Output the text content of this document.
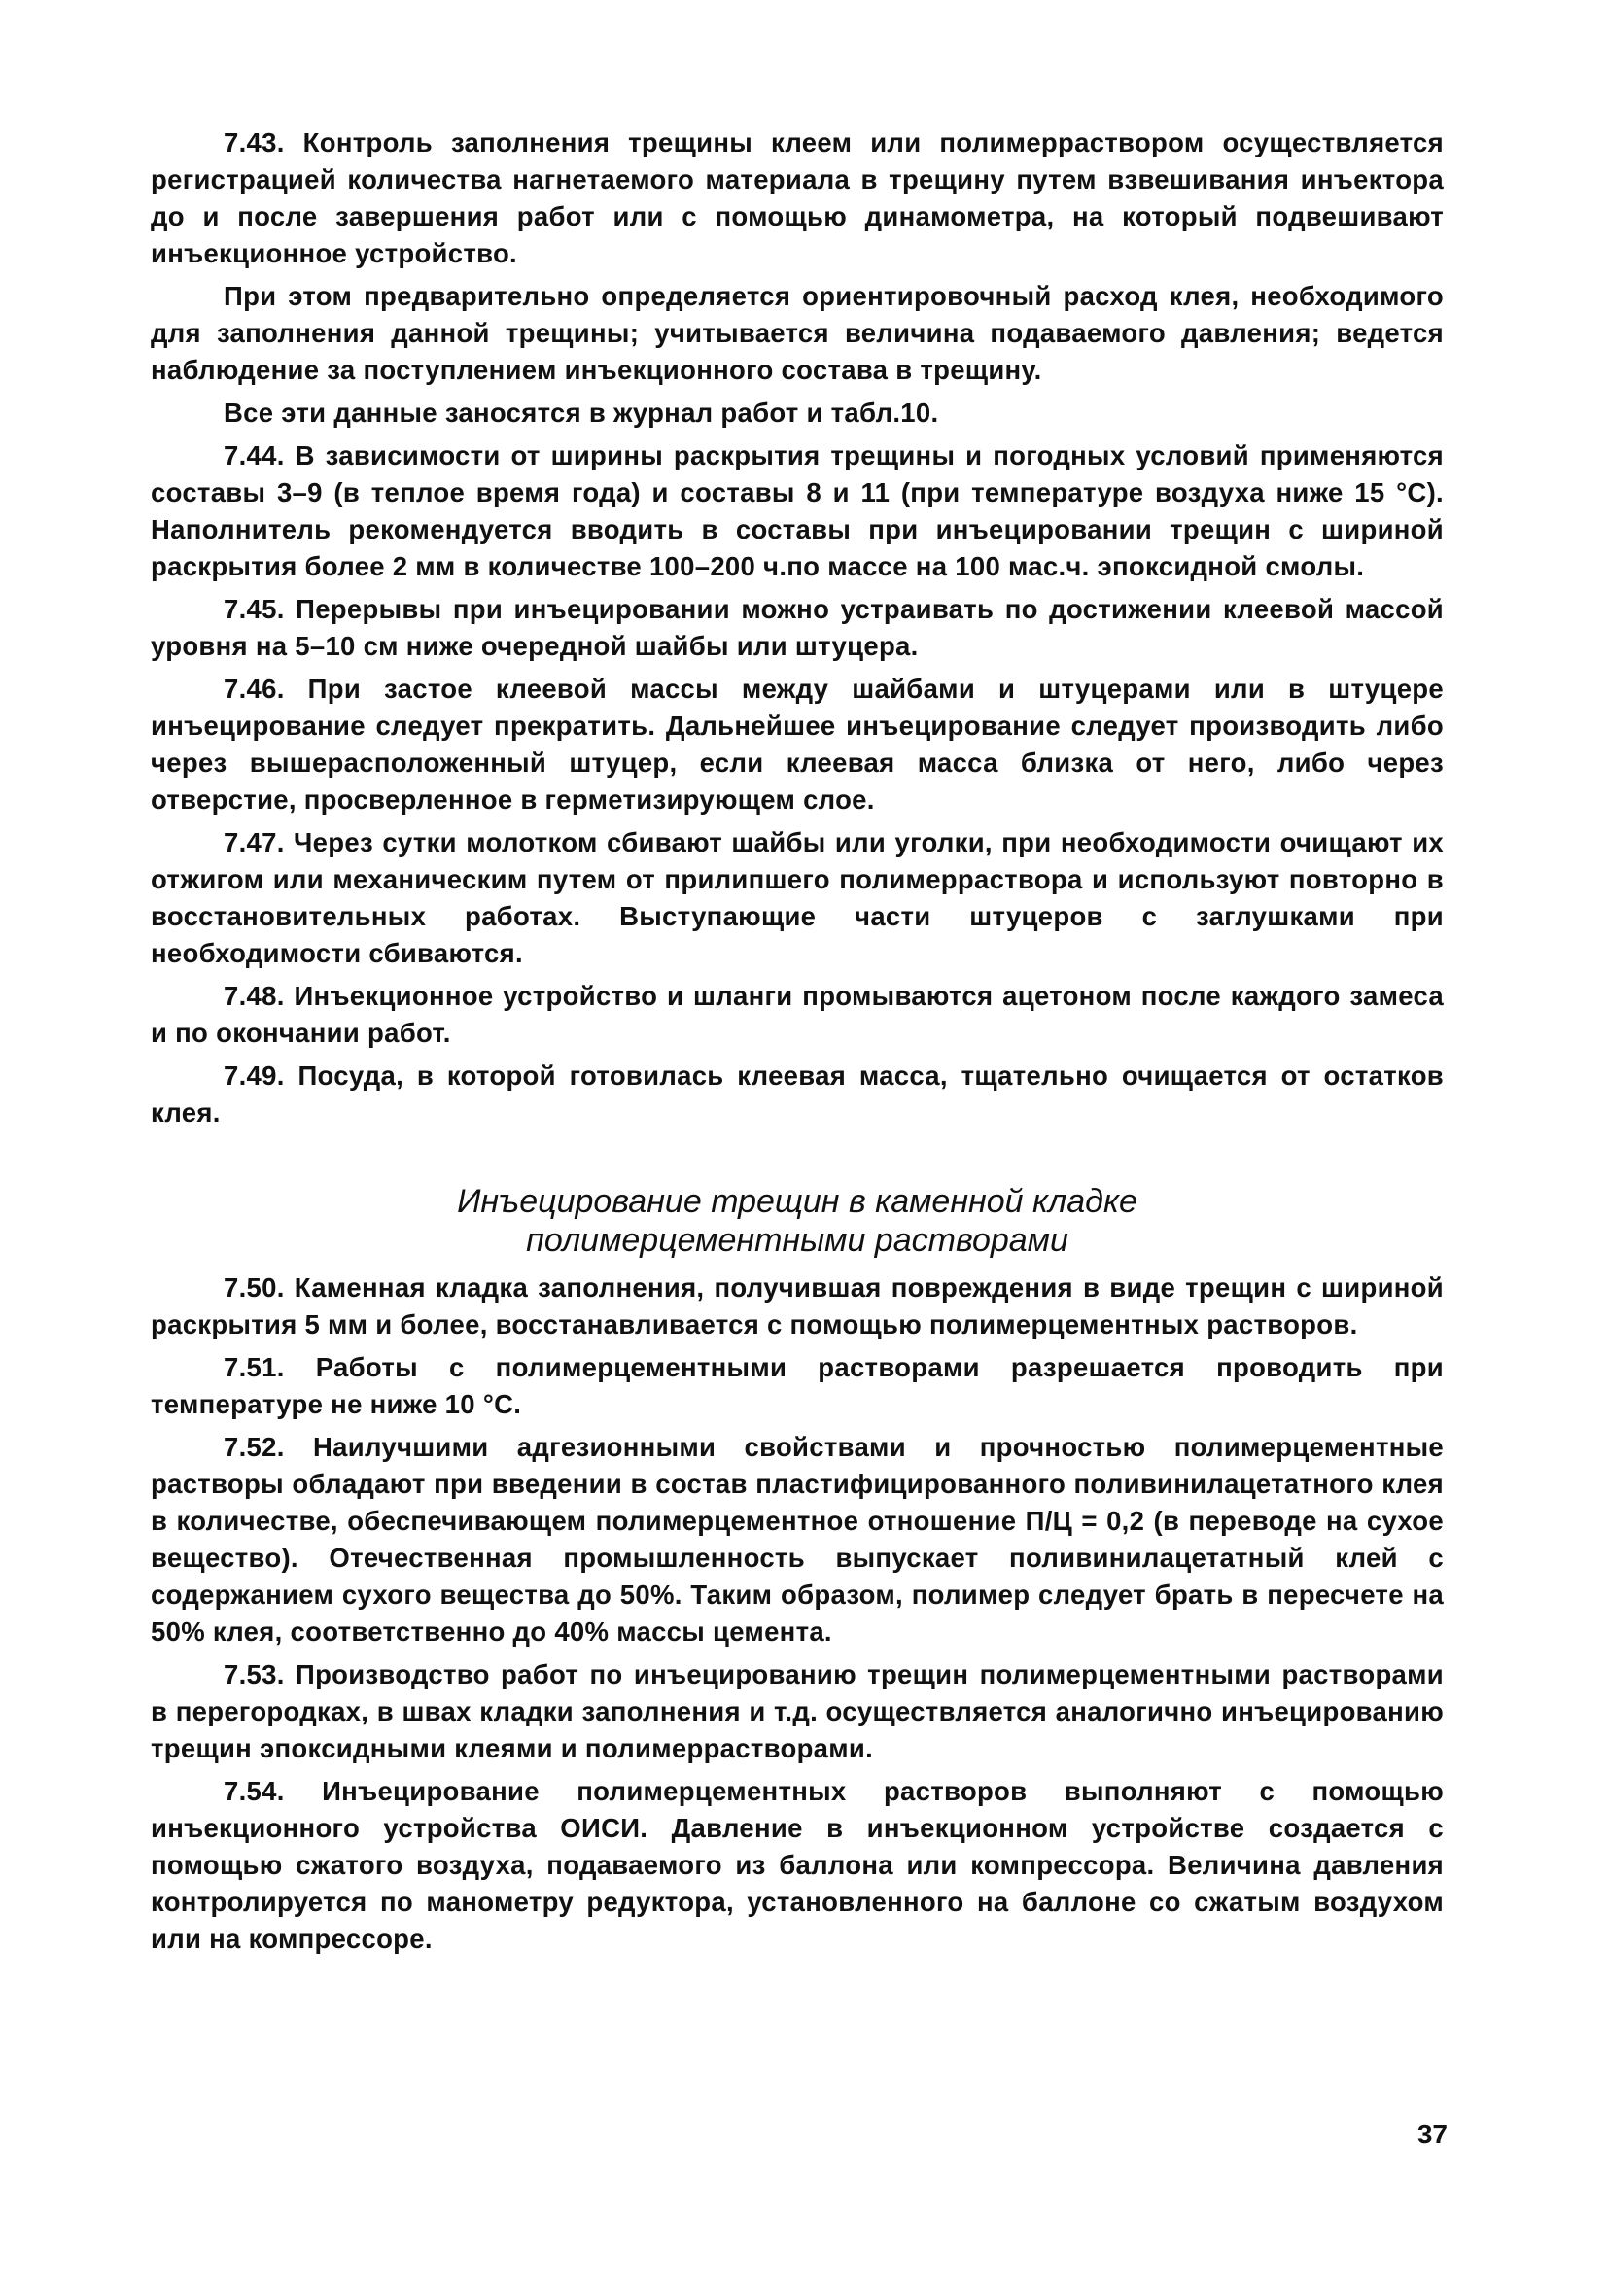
7.43. Контроль заполнения трещины клеем или полимерраствором осуществляется регистрацией количества нагнетаемого материала в трещину путем взвешивания инъектора до и после завершения работ или с помощью динамометра, на который подвешивают инъекционное устройство.

При этом предварительно определяется ориентировочный расход клея, необходимого для заполнения данной трещины; учитывается величина подаваемого давления; ведется наблюдение за поступлением инъекционного состава в трещину.

Все эти данные заносятся в журнал работ и табл.10.

7.44. В зависимости от ширины раскрытия трещины и погодных условий применяются составы 3–9 (в теплое время года) и составы 8 и 11 (при температуре воздуха ниже 15 °С). Наполнитель рекомендуется вводить в составы при инъецировании трещин с шириной раскрытия более 2 мм в количестве 100–200 ч.по массе на 100 мас.ч. эпоксидной смолы.

7.45. Перерывы при инъецировании можно устраивать по достижении клеевой массой уровня на 5–10 см ниже очередной шайбы или штуцера.

7.46. При застое клеевой массы между шайбами и штуцерами или в штуцере инъецирование следует прекратить. Дальнейшее инъецирование следует производить либо через вышерасположенный штуцер, если клеевая масса близка от него, либо через отверстие, просверленное в герметизирующем слое.

7.47. Через сутки молотком сбивают шайбы или уголки, при необходимости очищают их отжигом или механическим путем от прилипшего полимерраствора и используют повторно в восстановительных работах. Выступающие части штуцеров с заглушками при необходимости сбиваются.

7.48. Инъекционное устройство и шланги промываются ацетоном после каждого замеса и по окончании работ.

7.49. Посуда, в которой готовилась клеевая масса, тщательно очищается от остатков клея.

Инъецирование трещин в каменной кладке
полимерцементными растворами

7.50. Каменная кладка заполнения, получившая повреждения в виде трещин с шириной раскрытия 5 мм и более, восстанавливается с помощью полимерцементных растворов.

7.51. Работы с полимерцементными растворами разрешается проводить при температуре не ниже 10 °С.

7.52. Наилучшими адгезионными свойствами и прочностью полимерцементные растворы обладают при введении в состав пластифицированного поливинилацетатного клея в количестве, обеспечивающем полимерцементное отношение П/Ц = 0,2 (в переводе на сухое вещество). Отечественная промышленность выпускает поливинилацетатный клей с содержанием сухого вещества до 50%. Таким образом, полимер следует брать в пересчете на 50% клея, соответственно до 40% массы цемента.

7.53. Производство работ по инъецированию трещин полимерцементными растворами в перегородках, в швах кладки заполнения и т.д. осуществляется аналогично инъецированию трещин эпоксидными клеями и полимеррастворами.

7.54. Инъецирование полимерцементных растворов выполняют с помощью инъекционного устройства ОИСИ. Давление в инъекционном устройстве создается с помощью сжатого воздуха, подаваемого из баллона или компрессора. Величина давления контролируется по манометру редуктора, установленного на баллоне со сжатым воздухом или на компрессоре.

37
